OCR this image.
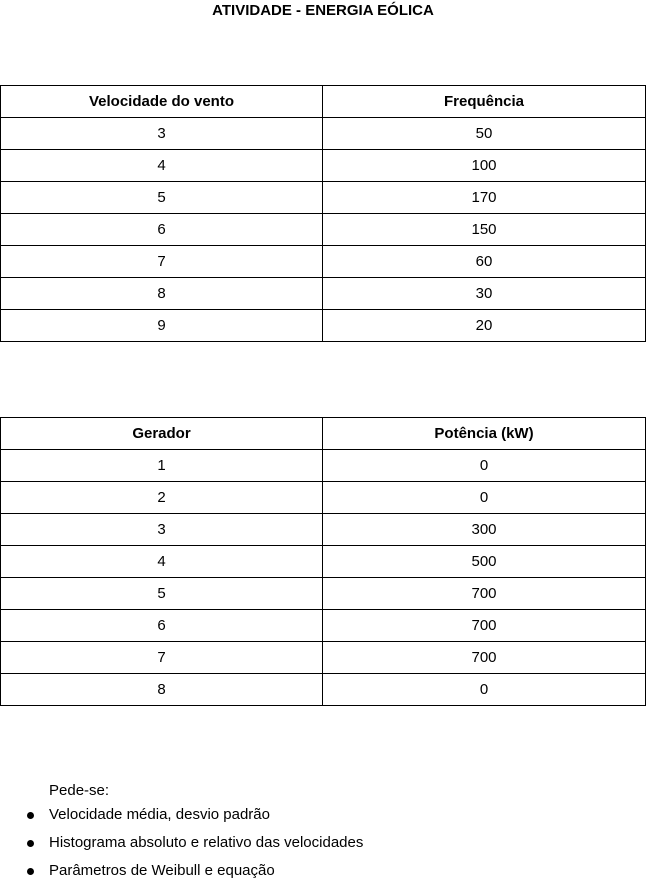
ATIVIDADE - ENERGIA EÓLICA
Velocidade do vento	Frequência
3	50
4	100
5	170
6	150
7	60
8	30
9	20
Gerador	Potência (kW)
1	0
2	0
3	300
4	500
5	700
6	700
7	700
8	0
Pede-se:
Velocidade média, desvio padrão
Histograma absoluto e relativo das velocidades
Parâmetros de Weibull e equação
